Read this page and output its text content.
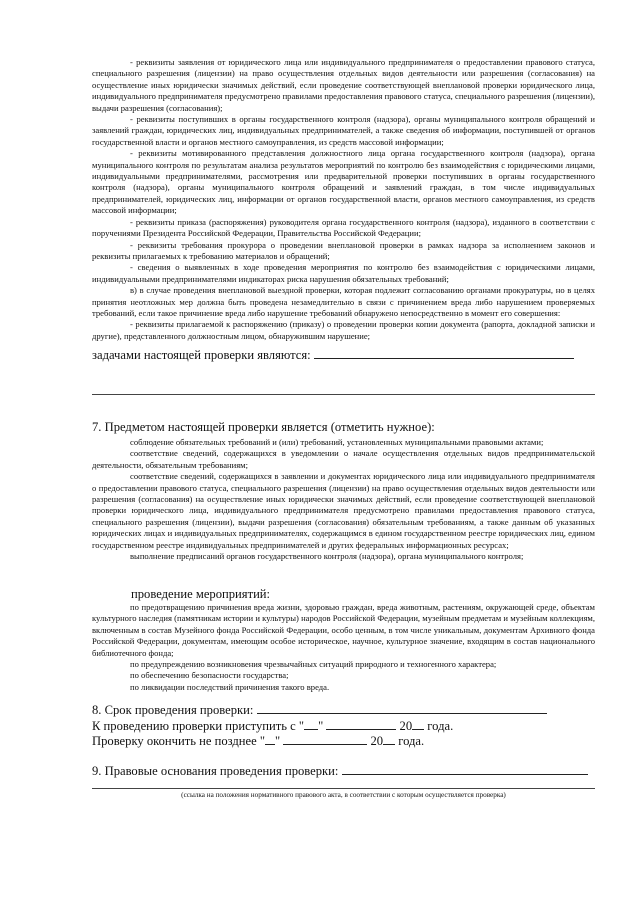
- реквизиты заявления от юридического лица или индивидуального предпринимателя о предоставлении правового статуса, специального разрешения (лицензии) на право осуществления отдельных видов деятельности или разрешения (согласования) на осуществление иных юридически значимых действий, если проведение соответствующей внеплановой проверки юридического лица, индивидуального предпринимателя предусмотрено правилами предоставления правового статуса, специального разрешения (лицензии), выдачи разрешения (согласования);

- реквизиты поступивших в органы государственного контроля (надзора), органы муниципального контроля обращений и заявлений граждан, юридических лиц, индивидуальных предпринимателей, а также сведения об информации, поступившей от органов государственной власти и органов местного самоуправления, из средств массовой информации;

- реквизиты мотивированного представления должностного лица органа государственного контроля (надзора), органа муниципального контроля по результатам анализа результатов мероприятий по контролю без взаимодействия с юридическими лицами, индивидуальными предпринимателями, рассмотрения или предварительной проверки поступивших в органы государственного контроля (надзора), органы муниципального контроля обращений и заявлений граждан, в том числе индивидуальных предпринимателей, юридических лиц, информации от органов государственной власти, органов местного самоуправления, из средств массовой информации;

- реквизиты приказа (распоряжения) руководителя органа государственного контроля (надзора), изданного в соответствии с поручениями Президента Российской Федерации, Правительства Российской Федерации;

- реквизиты требования прокурора о проведении внеплановой проверки в рамках надзора за исполнением законов и реквизиты прилагаемых к требованию материалов и обращений;

- сведения о выявленных в ходе проведения мероприятия по контролю без взаимодействия с юридическими лицами, индивидуальными предпринимателями индикаторах риска нарушения обязательных требований;

в) в случае проведения внеплановой выездной проверки, которая подлежит согласованию органами прокуратуры, но в целях принятия неотложных мер должна быть проведена незамедлительно в связи с причинением вреда либо нарушением проверяемых требований, если такое причинение вреда либо нарушение требований обнаружено непосредственно в момент его совершения:

- реквизиты прилагаемой к распоряжению (приказу) о проведении проверки копии документа (рапорта, докладной записки и другие), представленного должностным лицом, обнаружившим нарушение;

задачами настоящей проверки являются:

7. Предметом настоящей проверки является (отметить нужное):

соблюдение обязательных требований и (или) требований, установленных муниципальными правовыми актами;

соответствие сведений, содержащихся в уведомлении о начале осуществления отдельных видов предпринимательской деятельности, обязательным требованиям;

соответствие сведений, содержащихся в заявлении и документах юридического лица или индивидуального предпринимателя о предоставлении правового статуса, специального разрешения (лицензии) на право осуществления отдельных видов деятельности или разрешения (согласования) на осуществление иных юридически значимых действий, если проведение соответствующей внеплановой проверки юридического лица, индивидуального предпринимателя предусмотрено правилами предоставления правового статуса, специального разрешения (лицензии), выдачи разрешения (согласования) обязательным требованиям, а также данным об указанных юридических лицах и индивидуальных предпринимателях, содержащимся в едином государственном реестре юридических лиц, едином государственном реестре индивидуальных предпринимателей и других федеральных информационных ресурсах;

выполнение предписаний органов государственного контроля (надзора), органа муниципального контроля;

проведение мероприятий:

по предотвращению причинения вреда жизни, здоровью граждан, вреда животным, растениям, окружающей среде, объектам культурного наследия (памятникам истории и культуры) народов Российской Федерации, музейным предметам и музейным коллекциям, включенным в состав Музейного фонда Российской Федерации, особо ценным, в том числе уникальным, документам Архивного фонда Российской Федерации, документам, имеющим особое историческое, научное, культурное значение, входящим в состав национального библиотечного фонда;

по предупреждению возникновения чрезвычайных ситуаций природного и техногенного характера;

по обеспечению безопасности государства;

по ликвидации последствий причинения такого вреда.

8. Срок проведения проверки:

К проведению проверки приступить с " "	20 года.

Проверку окончить не позднее " "	20 года.

9. Правовые основания проведения проверки:

(ссылка на положения нормативного правового акта, в соответствии с которым осуществляется проверка)
